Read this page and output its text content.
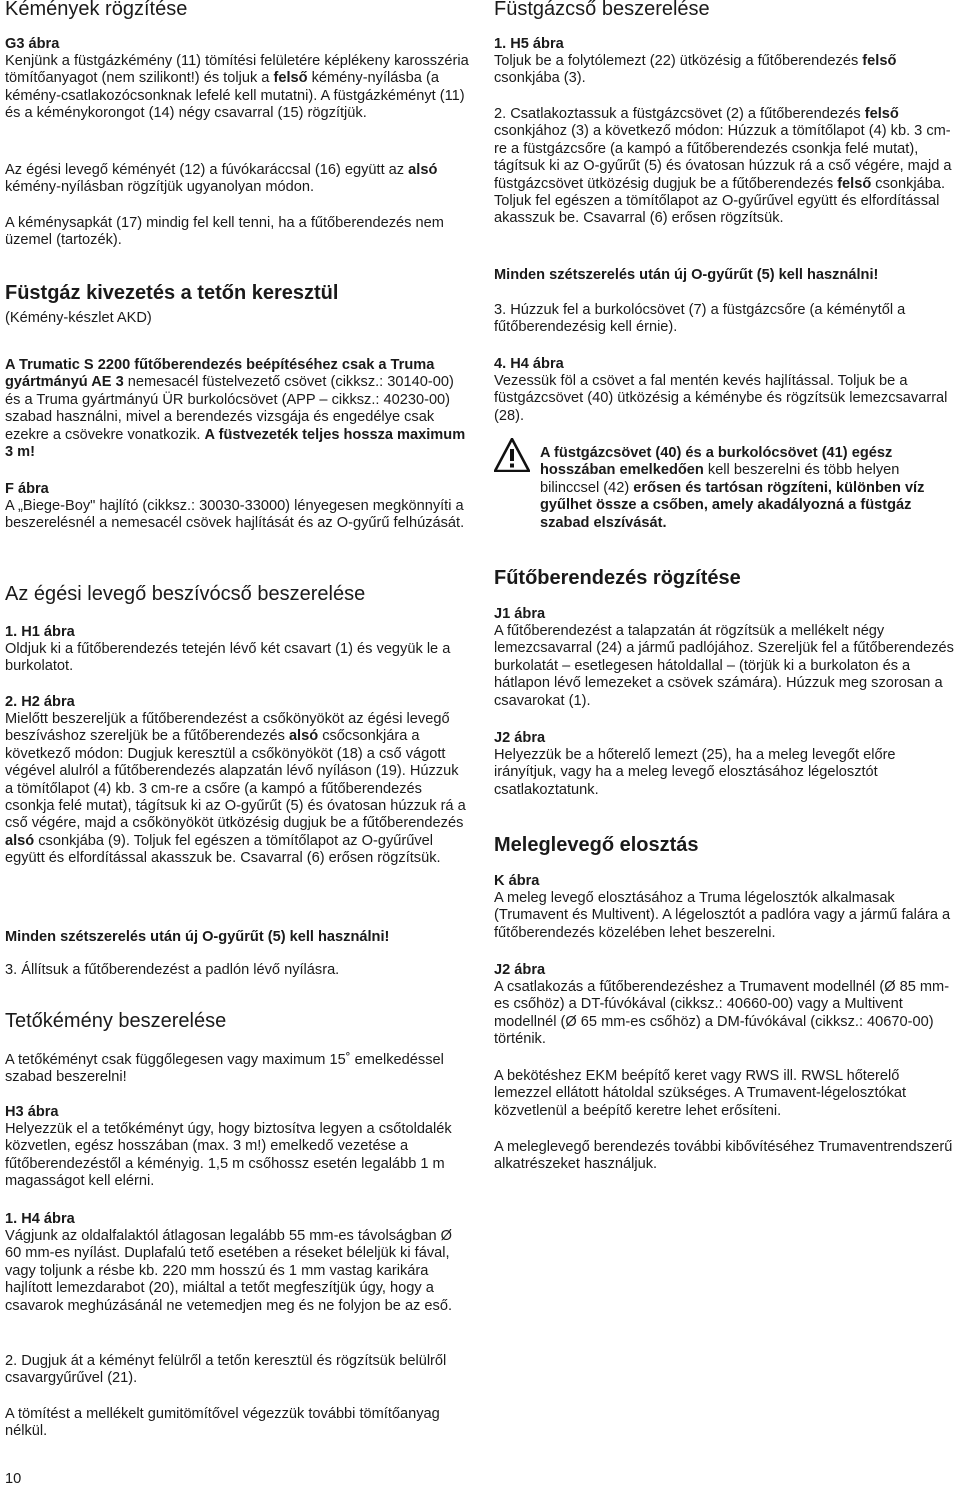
Kémények rögzítése
G3 ábra

Kenjünk a füstgázkémény (11) tömítési felületére képlékeny karosszéria tömítőanyagot (nem szilikont!) és toljuk a felső kémény-nyílásba (a kémény-csatlakozócsonknak lefelé kell mutatni). A füstgázkéményt (11) és a kéménykorongot (14) négy csavarral (15) rögzítjük.

Az égési levegő kéményét (12) a fúvókaráccsal (16) együtt az alsó kémény-nyílásban rögzítjük ugyanolyan módon.

A kéménysapkát (17) mindig fel kell tenni, ha a fűtőberendezés nem üzemel (tartozék).

Füstgáz kivezetés a tetőn keresztül

(Kémény-készlet AKD)

A Trumatic S 2200 fűtőberendezés beépítéséhez csak a Truma gyártmányú AE 3 nemesacél füstelvezető csövet (cikksz.: 30140-00) és a Truma gyártmányú ÜR burkolócsövet (APP – cikksz.: 40230-00) szabad használni, mivel a berendezés vizsgája és engedélye csak ezekre a csövekre vonatkozik. A füstvezeték teljes hossza maximum 3 m!

F ábra

A „Biege-Boy" hajlító (cikksz.: 30030-33000) lényegesen megkönnyíti a beszerelésnél a nemesacél csövek hajlítását és az O-gyűrű felhúzását.

Az égési levegő beszívócső beszerelése
1. H1 ábra

Oldjuk ki a fűtőberendezés tetején lévő két csavart (1) és vegyük le a burkolatot.

2. H2 ábra

Mielőtt beszereljük a fűtőberendezést a csőkönyököt az égési levegő beszíváshoz szereljük be a fűtőberendezés alsó csőcsonkjára a következő módon: Dugjuk keresztül a csőkönyököt (18) a cső vágott végével alulról a fűtőberendezés alapzatán lévő nyíláson (19). Húzzuk a tömítőlapot (4) kb. 3 cm-re a csőre (a kampó a fűtőberendezés csonkja felé mutat), tágítsuk ki az O-gyűrűt (5) és óvatosan húzzuk rá a cső végére, majd a csőkönyököt ütközésig dugjuk be a fűtőberendezés alsó csonkjába (9). Toljuk fel egészen a tömítőlapot az O-gyűrűvel együtt és elfordítással akasszuk be. Csavarral (6) erősen rögzítsük.

Minden szétszerelés után új O-gyűrűt (5) kell használni!

3. Állítsuk a fűtőberendezést a padlón lévő nyílásra.

Tetőkémény beszerelése

A tetőkéményt csak függőlegesen vagy maximum 15˚ emelkedéssel szabad beszerelni!

H3 ábra

Helyezzük el a tetőkéményt úgy, hogy biztosítva legyen a csőtoldalék közvetlen, egész hosszában (max. 3 m!) emelkedő vezetése a fűtőberendezéstől a kéményig. 1,5 m csőhossz esetén legalább 1 m magasságot kell elérni.

1. H4 ábra

Vágjunk az oldalfalaktól átlagosan legalább 55 mm-es távolságban Ø 60 mm-es nyílást. Duplafalú tető esetében a réseket béleljük ki fával, vagy toljunk a résbe kb. 220 mm hosszú és 1 mm vastag karikára hajlított lemezdarabot (20), miáltal a tetőt megfeszítjük úgy, hogy a csavarok meghúzásánál ne vetemedjen meg és ne folyjon be az eső.

2. Dugjuk át a kéményt felülről a tetőn keresztül és rögzítsük belülről csavargyűrűvel (21).

A tömítést a mellékelt gumitömítővel végezzük további tömítőanyag nélkül.

Füstgázcső beszerelése
1. H5 ábra

Toljuk be a folytólemezt (22) ütközésig a fűtőberendezés felső csonkjába (3).

2. Csatlakoztassuk a füstgázcsövet (2) a fűtőberendezés felső csonkjához (3) a következő módon: Húzzuk a tömítőlapot (4) kb. 3 cm-re a füstgázcsőre (a kampó a fűtőberendezés csonkja felé mutat), tágítsuk ki az O-gyűrűt (5) és óvatosan húzzuk rá a cső végére, majd a füstgázcsövet ütközésig dugjuk be a fűtőberendezés felső csonkjába. Toljuk fel egészen a tömítőlapot az O-gyűrűvel együtt és elfordítással akasszuk be. Csavarral (6) erősen rögzítsük.

Minden szétszerelés után új O-gyűrűt (5) kell használni!

3. Húzzuk fel a burkolócsövet (7) a füstgázcsőre (a kéménytől a fűtőberendezésig kell érnie).

4. H4 ábra

Vezessük föl a csövet a fal mentén kevés hajlítással. Toljuk be a füstgázcsövet (40) ütközésig a kéménybe és rögzítsük lemezcsavarral (28).

A füstgázcsövet (40) és a burkolócsövet (41) egész hosszában emelkedően kell beszerelni és több helyen bilinccsel (42) erősen és tartósan rögzíteni, különben víz gyűlhet össze a csőben, amely akadályozná a füstgáz szabad elszívását.

Fűtőberendezés rögzítése
J1 ábra

A fűtőberendezést a talapzatán át rögzítsük a mellékelt négy lemezcsavarral (24) a jármű padlójához. Szereljük fel a fűtőberendezés burkolatát – esetlegesen hátoldallal – (törjük ki a burkolaton és a hátlapon lévő lemezeket a csövek számára). Húzzuk meg szorosan a csavarokat (1).

J2 ábra

Helyezzük be a hőterelő lemezt (25), ha a meleg levegőt előre irányítjuk, vagy ha a meleg levegő elosztásához légelosztót csatlakoztatunk.

Meleglevegő elosztás
K ábra

A meleg levegő elosztásához a Truma légelosztók alkalmasak (Trumavent és Multivent). A légelosztót a padlóra vagy a jármű falára a fűtőberendezés közelében lehet beszerelni.

J2 ábra

A csatlakozás a fűtőberendezéshez a Trumavent modellnél (Ø 85 mm-es csőhöz) a DT-fúvókával (cikksz.: 40660-00) vagy a Multivent modellnél (Ø 65 mm-es csőhöz) a DM-fúvókával (cikksz.: 40670-00) történik.

A bekötéshez EKM beépítő keret vagy RWS ill. RWSL hőterelő lemezzel ellátott hátoldal szükséges. A Trumavent-légelosztókat közvetlenül a beépítő keretre lehet erősíteni.

A meleglevegő berendezés további kibővítéséhez Trumaventrendszerű alkatrészeket használjuk.

10
